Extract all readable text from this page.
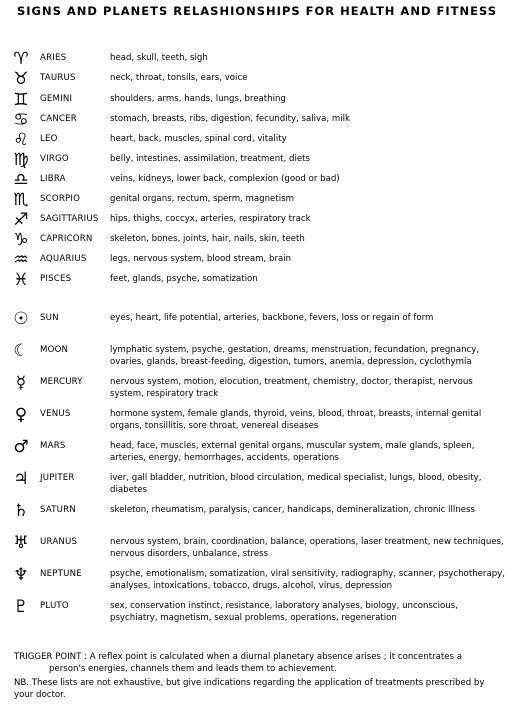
SIGNS AND PLANETS RELASHIONSHIPS FOR HEALTH AND FITNESS
♈	ARIES	head, skull, teeth, sigh
♉	TAURUS	neck, throat, tonsils, ears, voice
♊	GEMINI	shoulders, arms, hands, lungs, breathing
♋	CANCER	stomach, breasts, ribs, digestion, fecundity, saliva, milk
♌	LEO	heart, back, muscles, spinal cord, vitality
♍	VIRGO	belly, intestines, assimilation, treatment, diets
♎	LIBRA	veins, kidneys, lower back, complexion (good or bad)
♏	SCORPIO	genital organs, rectum, sperm, magnetism
♐	SAGITTARIUS hips, thighs, coccyx, arteries, respiratory track
♑	CAPRICORN skeleton, bones, joints, hair, nails, skin, teeth
♒	AQUARIUS	legs, nervous system, blood stream, brain
♓	PISCES	feet, glands, psyche, somatization
☉	SUN	eyes, heart, life potential, arteries, backbone, fevers, loss or regain of form
☾	MOON	lymphatic system, psyche, gestation, dreams, menstruation, fecundation, pregnancy, ovaries, glands, breast-feeding, digestion, tumors, anemia, depression, cyclothymia
☿	MERCURY	nervous system, motion, elocution, treatment, chemistry, doctor, therapist, nervous system, respiratory track
♀	VENUS	hormone system, female glands, thyroid, veins, blood, throat, breasts, internal genital organs, tonsillitis, sore throat, venereal diseases
♂	MARS	head, face, muscles, external genital organs, muscular system, male glands, spleen, arteries, energy, hemorrhages, accidents, operations
♃	JUPITER	iver, gall bladder, nutrition, blood circulation, medical specialist, lungs, blood, obesity, diabetes
♄	SATURN	skeleton, rheumatism, paralysis, cancer, handicaps, demineralization, chronic illness
♅	URANUS	nervous system, brain, coordination, balance, operations, laser treatment, new techniques, nervous disorders, unbalance, stress
♆	NEPTUNE	psyche, emotionalism, somatization, viral sensitivity, radiography, scanner, psychotherapy, analyses, intoxications, tobacco, drugs, alcohol, virus, depression
♇	PLUTO	sex, conservation instinct, resistance, laboratory analyses, biology, unconscious, psychiatry, magnetism, sexual problems, operations, regeneration
TRIGGER POINT : A reflex point is calculated when a diurnal planetary absence arises ; it concentrates a
person's energies, channels them and leads them to achievement.
NB. These lists are not exhaustive, but give indications regarding the application of treatments prescribed by
your doctor.
